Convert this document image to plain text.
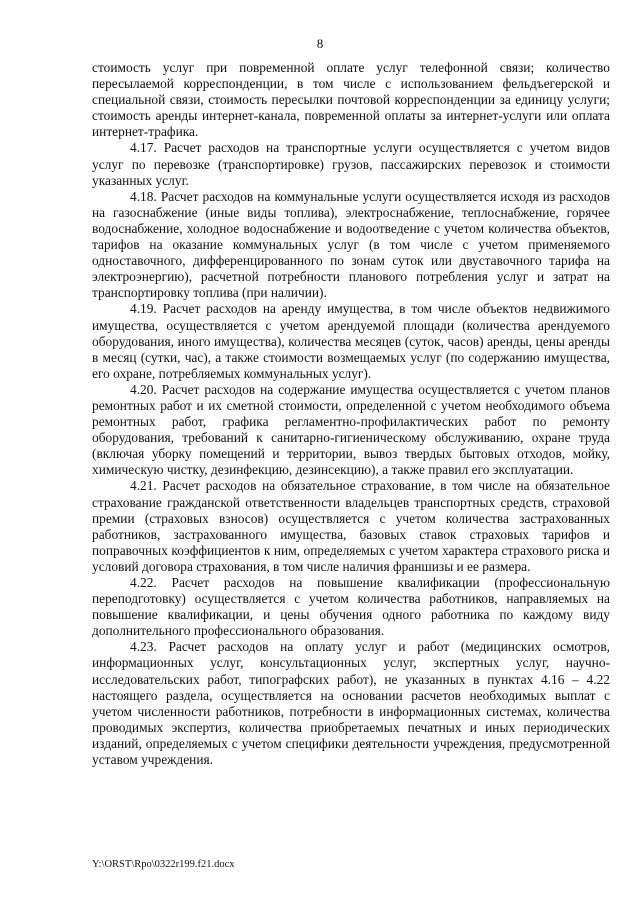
8

стоимость услуг при повременной оплате услуг телефонной связи; количество пересылаемой корреспонденции, в том числе с использованием фельдъегерской и специальной связи, стоимость пересылки почтовой корреспонденции за единицу услуги; стоимость аренды интернет-канала, повременной оплаты за интернет-услуги или оплата интернет-трафика.

4.17. Расчет расходов на транспортные услуги осуществляется с учетом видов услуг по перевозке (транспортировке) грузов, пассажирских перевозок и стоимости указанных услуг.

4.18. Расчет расходов на коммунальные услуги осуществляется исходя из расходов на газоснабжение (иные виды топлива), электроснабжение, теплоснабжение, горячее водоснабжение, холодное водоснабжение и водоотведение с учетом количества объектов, тарифов на оказание коммунальных услуг (в том числе с учетом применяемого одноставочного, дифференцированного по зонам суток или двуставочного тарифа на электроэнергию), расчетной потребности планового потребления услуг и затрат на транспортировку топлива (при наличии).

4.19. Расчет расходов на аренду имущества, в том числе объектов недвижимого имущества, осуществляется с учетом арендуемой площади (количества арендуемого оборудования, иного имущества), количества месяцев (суток, часов) аренды, цены аренды в месяц (сутки, час), а также стоимости возмещаемых услуг (по содержанию имущества, его охране, потребляемых коммунальных услуг).

4.20. Расчет расходов на содержание имущества осуществляется с учетом планов ремонтных работ и их сметной стоимости, определенной с учетом необходимого объема ремонтных работ, графика регламентно-профилактических работ по ремонту оборудования, требований к санитарно-гигиеническому обслуживанию, охране труда (включая уборку помещений и территории, вывоз твердых бытовых отходов, мойку, химическую чистку, дезинфекцию, дезинсекцию), а также правил его эксплуатации.

4.21. Расчет расходов на обязательное страхование, в том числе на обязательное страхование гражданской ответственности владельцев транспортных средств, страховой премии (страховых взносов) осуществляется с учетом количества застрахованных работников, застрахованного имущества, базовых ставок страховых тарифов и поправочных коэффициентов к ним, определяемых с учетом характера страхового риска и условий договора страхования, в том числе наличия франшизы и ее размера.

4.22. Расчет расходов на повышение квалификации (профессиональную переподготовку) осуществляется с учетом количества работников, направляемых на повышение квалификации, и цены обучения одного работника по каждому виду дополнительного профессионального образования.

4.23. Расчет расходов на оплату услуг и работ (медицинских осмотров, информационных услуг, консультационных услуг, экспертных услуг, научно-исследовательских работ, типографских работ), не указанных в пунктах 4.16 – 4.22 настоящего раздела, осуществляется на основании расчетов необходимых выплат с учетом численности работников, потребности в информационных системах, количества проводимых экспертиз, количества приобретаемых печатных и иных периодических изданий, определяемых с учетом специфики деятельности учреждения, предусмотренной уставом учреждения.

Y:\ORST\Rpo\0322r199.f21.docx
